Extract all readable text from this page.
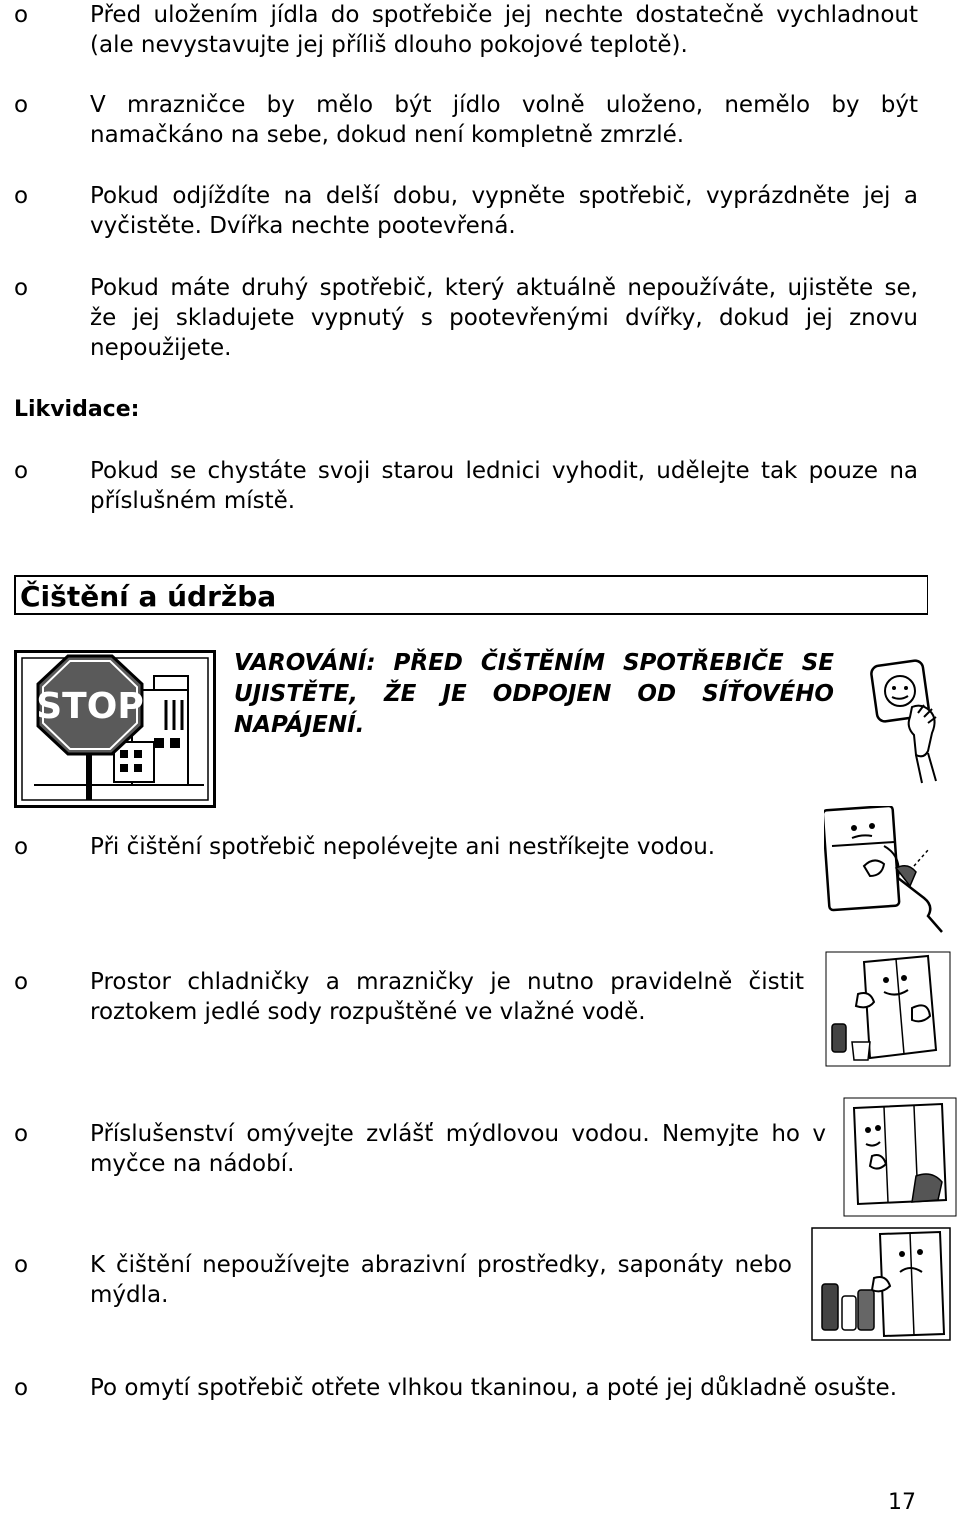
o	Před uložením jídla do spotřebiče jej nechte dostatečně vychladnout (ale nevystavujte jej příliš dlouho pokojové teplotě).
o	V mrazničce by mělo být jídlo volně uloženo, nemělo by být namačkáno na sebe, dokud není kompletně zmrzlé.
o	Pokud odjíždíte na delší dobu, vypněte spotřebič, vyprázdněte jej a vyčistěte. Dvířka nechte pootevřená.
o	Pokud máte druhý spotřebič, který aktuálně nepoužíváte, ujistěte se, že jej skladujete vypnutý s pootevřenými dvířky, dokud jej znovu nepoužijete.
Likvidace:
o	Pokud se chystáte svoji starou lednici vyhodit, udělejte tak pouze na příslušném místě.
Čištění a údržba
STOP
VAROVÁNÍ: PŘED ČIŠTĚNÍM SPOTŘEBIČE SE UJISTĚTE, ŽE JE ODPOJEN OD SÍŤOVÉHO NAPÁJENÍ.
o	Při čištění spotřebič nepolévejte ani nestříkejte vodou.
o	Prostor chladničky a mrazničky je nutno pravidelně čistit roztokem jedlé sody rozpuštěné ve vlažné vodě.
o	Příslušenství omývejte zvlášť mýdlovou vodou. Nemyjte ho v myčce na nádobí.
o	K čištění nepoužívejte abrazivní prostředky, saponáty nebo mýdla.
o	Po omytí spotřebič otřete vlhkou tkaninou, a poté jej důkladně osušte.
17
